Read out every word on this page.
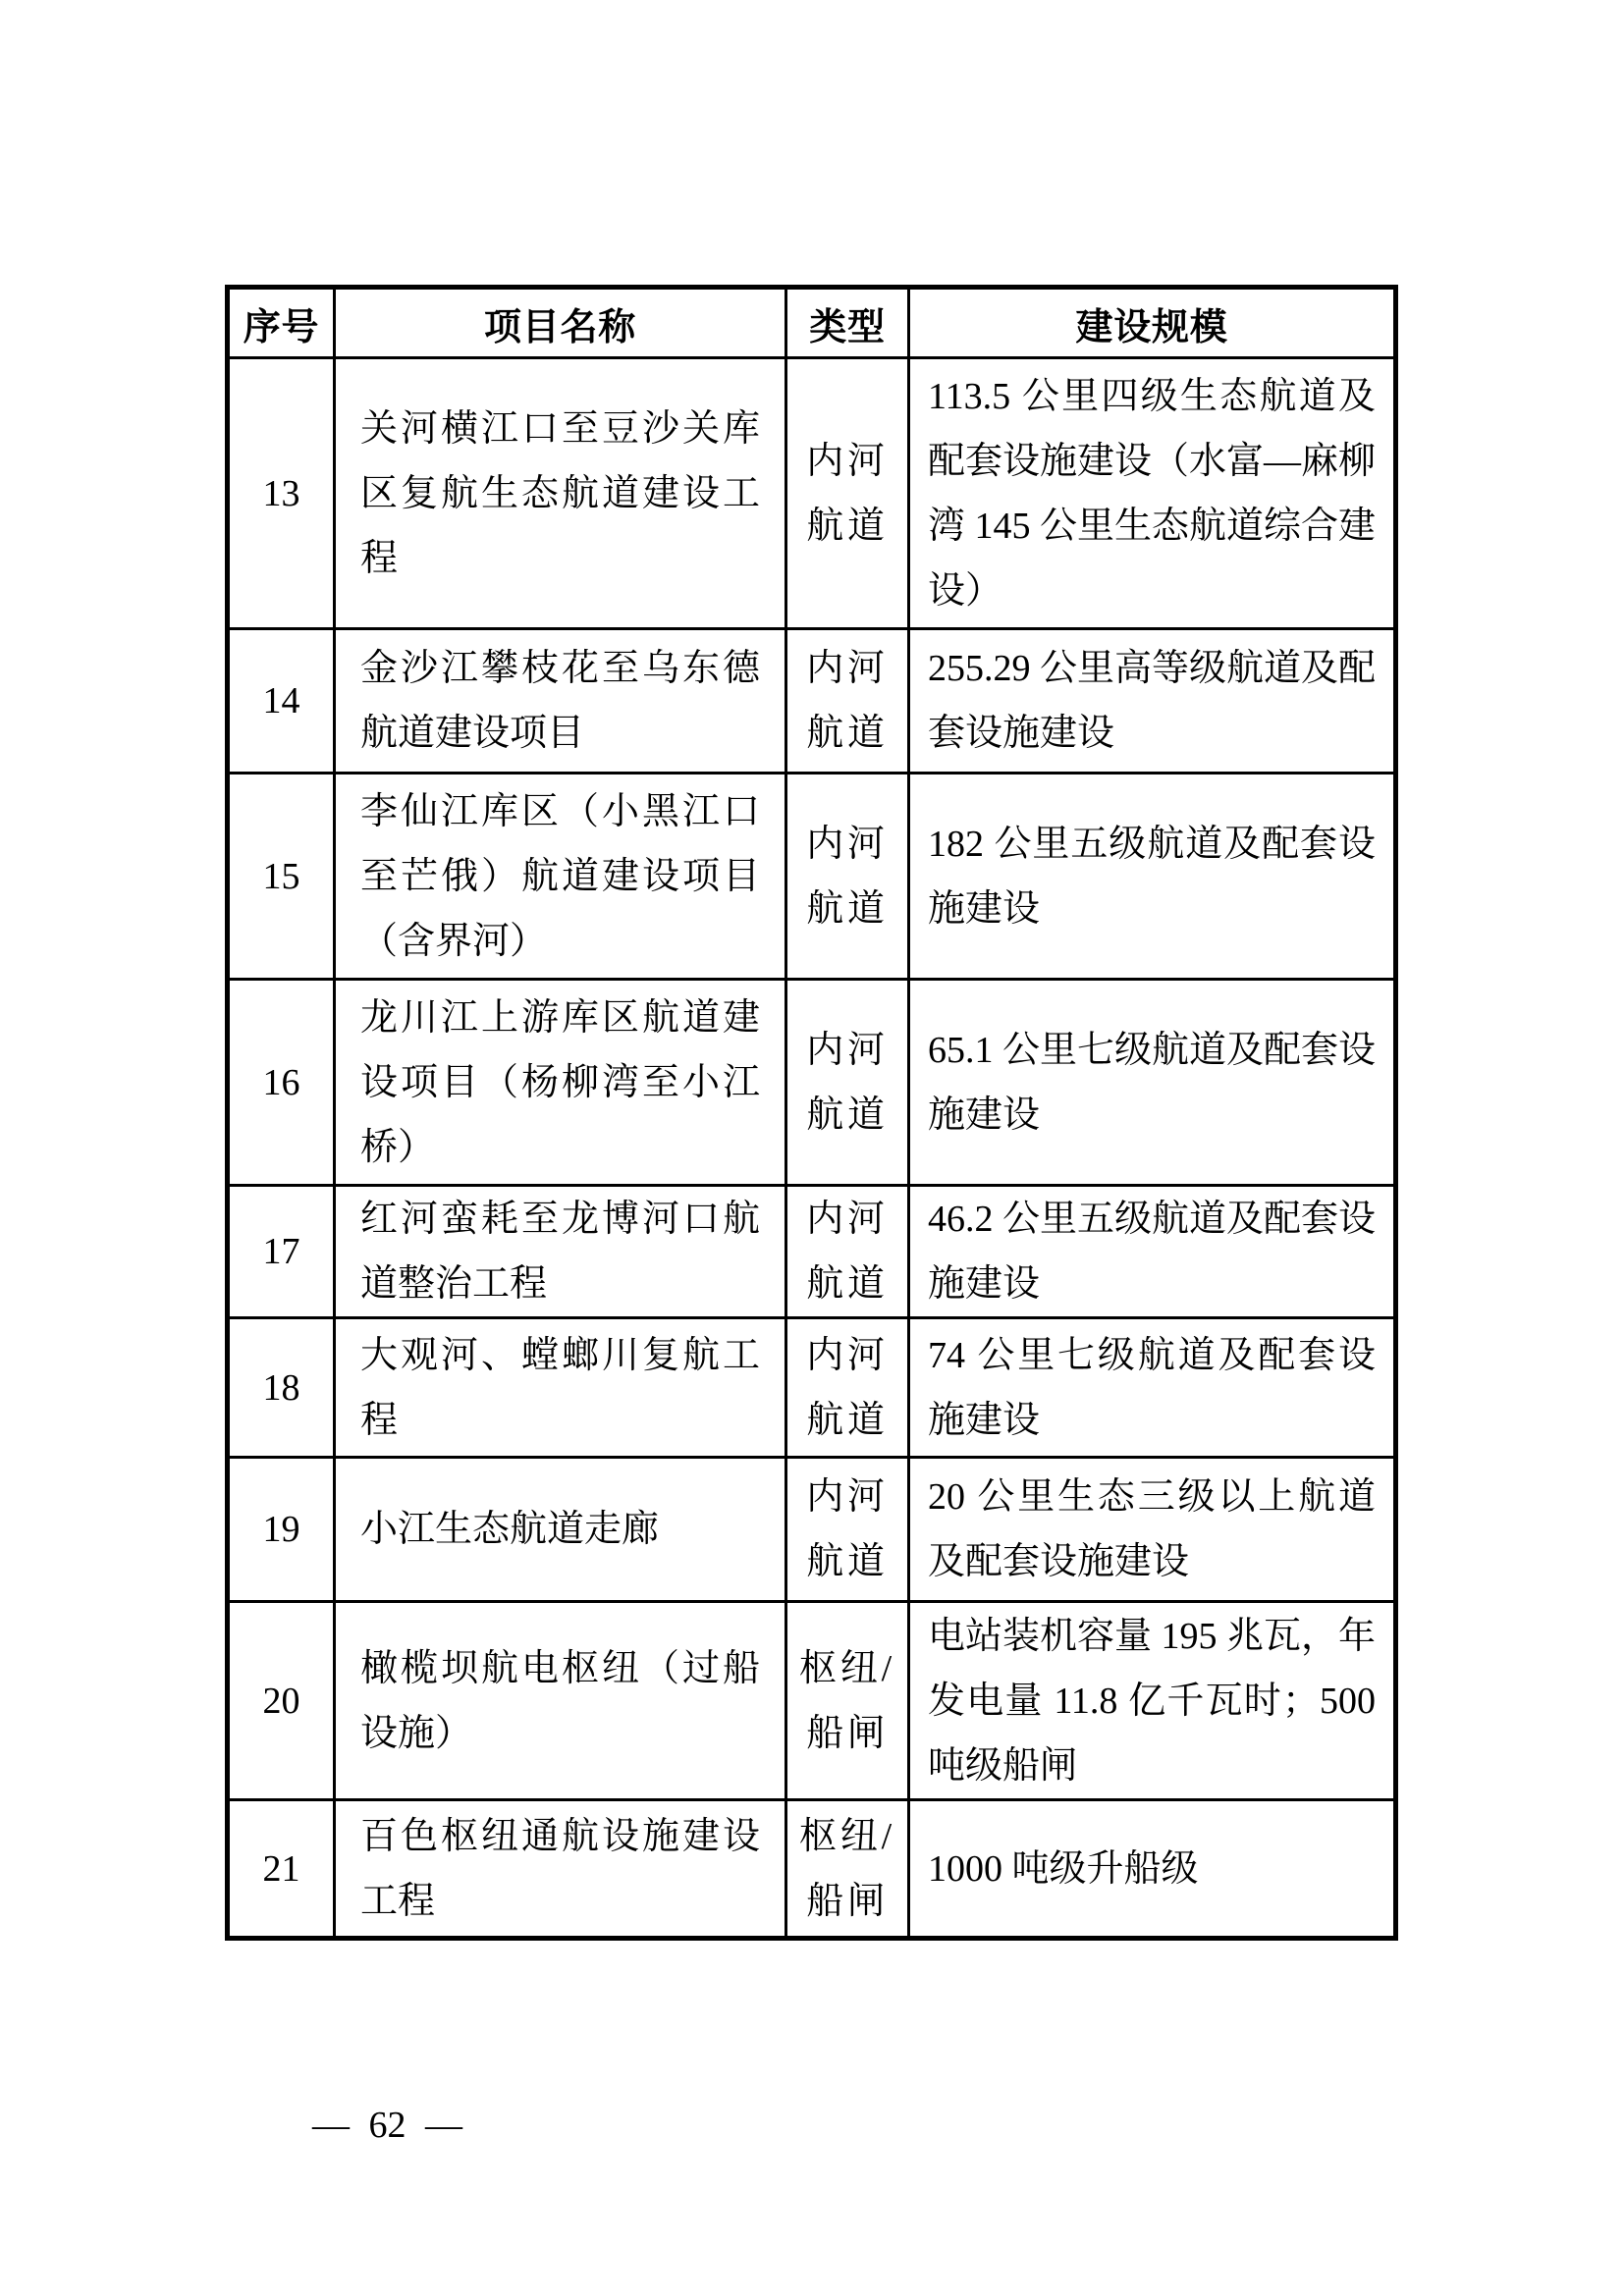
序号	项目名称	类型	建设规模
13	关河横江口至豆沙关库区复航生态航道建设工程	内河航道	113.5 公里四级生态航道及配套设施建设（水富—麻柳湾 145 公里生态航道综合建设）
14	金沙江攀枝花至乌东德航道建设项目	内河航道	255.29 公里高等级航道及配套设施建设
15	李仙江库区（小黑江口至芒俄）航道建设项目（含界河）	内河航道	182 公里五级航道及配套设施建设
16	龙川江上游库区航道建设项目（杨柳湾至小江桥）	内河航道	65.1 公里七级航道及配套设施建设
17	红河蛮耗至龙博河口航道整治工程	内河航道	46.2 公里五级航道及配套设施建设
18	大观河、螳螂川复航工程	内河航道	74 公里七级航道及配套设施建设
19	小江生态航道走廊	内河航道	20 公里生态三级以上航道及配套设施建设
20	橄榄坝航电枢纽（过船设施）	枢纽/船闸	电站装机容量 195 兆瓦，年发电量 11.8 亿千瓦时；500 吨级船闸
21	百色枢纽通航设施建设工程	枢纽/船闸	1000 吨级升船级
— 62 —
